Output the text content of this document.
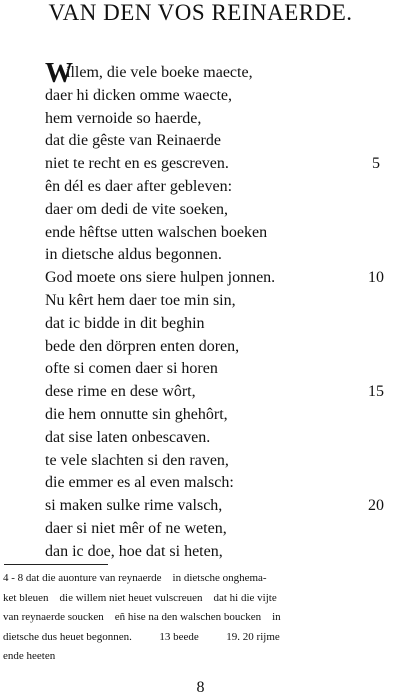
VAN DEN VOS REINAERDE.
W
illem, die vele boeke maecte,
daer hi dicken omme waecte,
hem vernoide so haerde,
dat die gêste van Reinaerde
niet te recht en es gescreven.
ên dél es daer after gebleven:
daer om dedi de vite soeken,
ende hêftse utten walschen boeken
in dietsche aldus begonnen.
God moete ons siere hulpen jonnen.
Nu kêrt hem daer toe min sin,
dat ic bidde in dit beghin
bede den dörpren enten doren,
ofte si comen daer si horen
dese rime en dese wôrt,
die hem onnutte sin ghehôrt,
dat sise laten onbescaven.
te vele slachten si den raven,
die emmer es al even malsch:
si maken sulke rime valsch,
daer si niet mêr of ne weten,
dan ic doe, hoe dat si heten,
5
10
15
20
4 - 8 dat die auonture van reynaerde    in dietsche onghema-
ket bleuen    die willem niet heuet vulscreuen    dat hi die vijte
van reynaerde soucken    eñ hise na den walschen boucken    in
dietsche dus heuet begonnen.          13 beede          19. 20 rijme
ende heeten
8
